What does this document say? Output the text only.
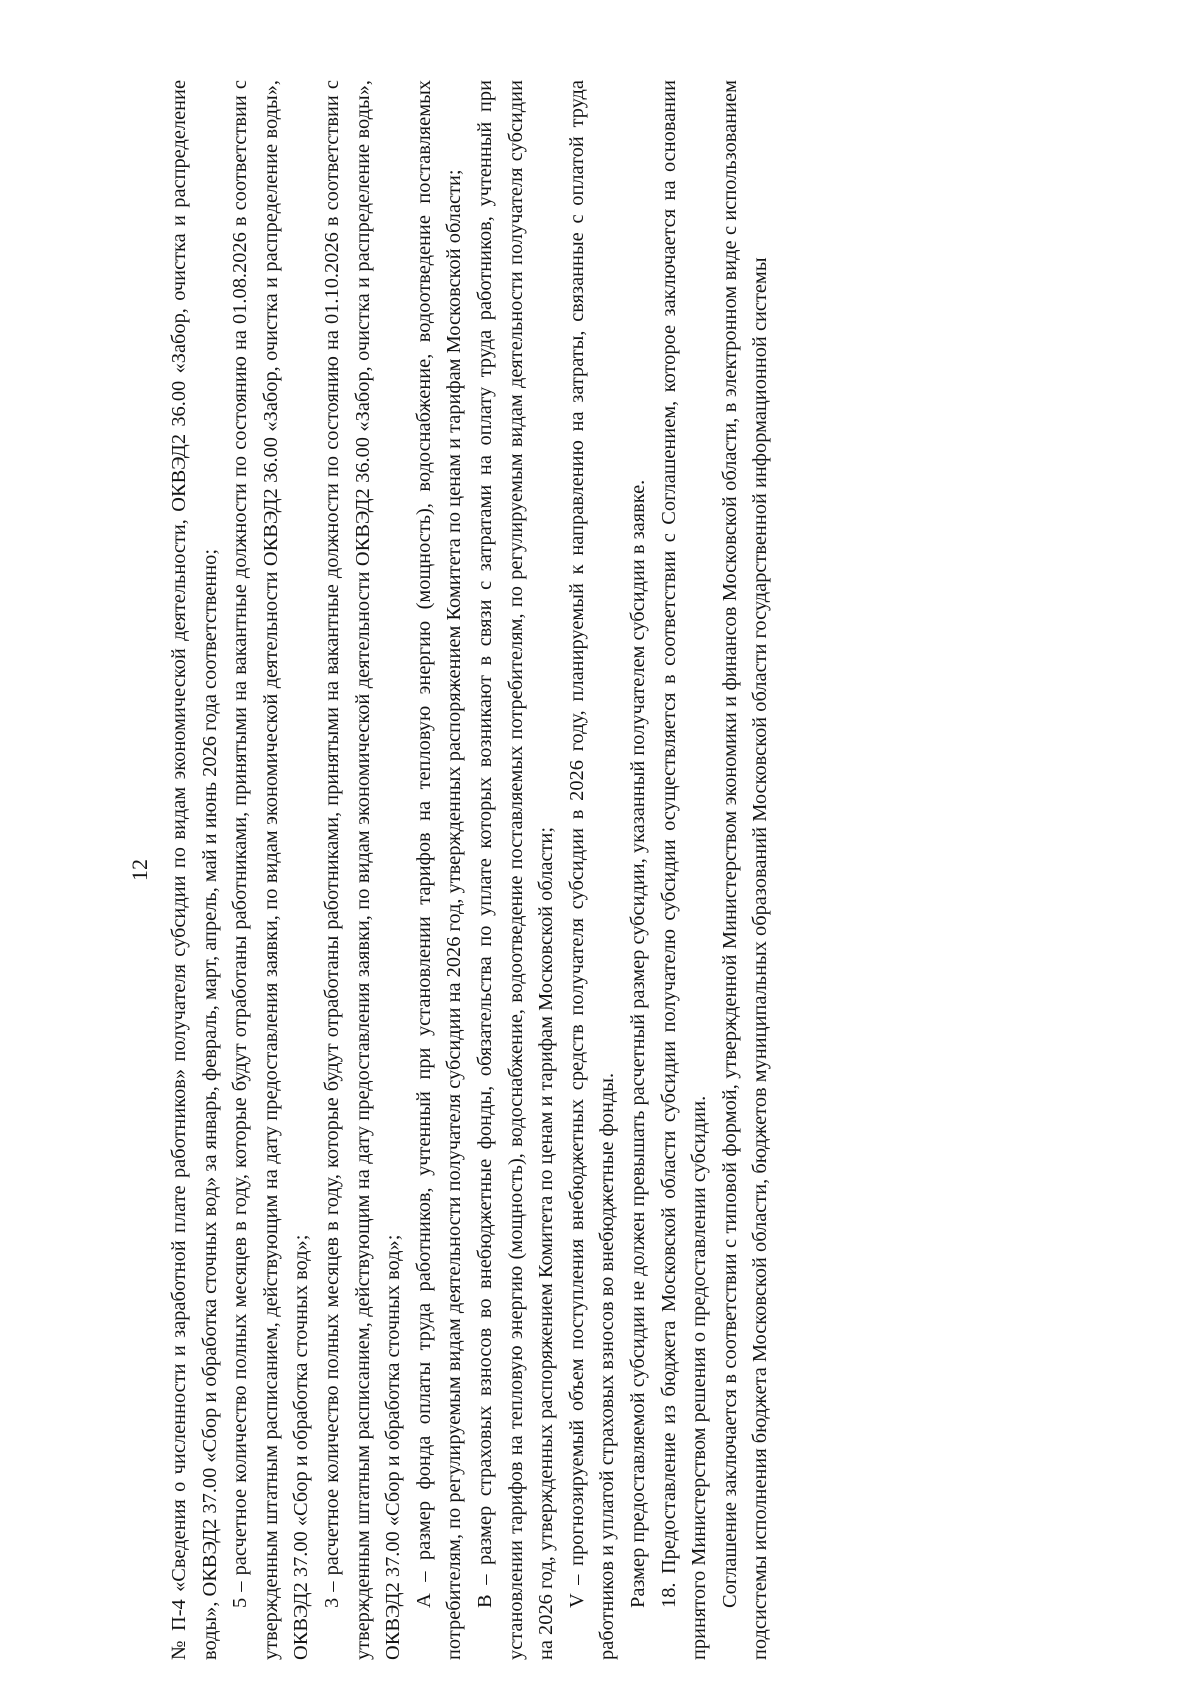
12 № П-4 «Сведения о численности и заработной плате работников» получателя субсидии по видам экономической деятельности, ОКВЭД2 36.00 «Забор, очистка и распределение воды», ОКВЭД2 37.00 «Сбор и обработка сточных вод» за январь, февраль, март, апрель, май и июнь 2026 года соответственно; 5 – расчетное количество полных месяцев в году, которые будут отработаны работниками, принятыми на вакантные должности по состоянию на 01.08.2026 в соответствии с утвержденным штатным расписанием, действующим на дату предоставления заявки, по видам экономической деятельности ОКВЭД2 36.00 «Забор, очистка и распределение воды», ОКВЭД2 37.00 «Сбор и обработка сточных вод»; 3 – расчетное количество полных месяцев в году, которые будут отработаны работниками, принятыми на вакантные должности по состоянию на 01.10.2026 в соответствии с утвержденным штатным расписанием, действующим на дату предоставления заявки, по видам экономической деятельности ОКВЭД2 36.00 «Забор, очистка и распределение воды», ОКВЭД2 37.00 «Сбор и обработка сточных вод»; А – размер фонда оплаты труда работников, учтенный при установлении тарифов на тепловую энергию (мощность), водоснабжение, водоотведение поставляемых потребителям, по регулируемым видам деятельности получателя субсидии на 2026 год, утвержденных распоряжением Комитета по ценам и тарифам Московской области; В – размер страховых взносов во внебюджетные фонды, обязательства по уплате которых возникают в связи с затратами на оплату труда работников, учтенный при установлении тарифов на тепловую энергию (мощность), водоснабжение, водоотведение поставляемых потребителям, по регулируемым видам деятельности получателя субсидии на 2026 год, утвержденных распоряжением Комитета по ценам и тарифам Московской области; V – прогнозируемый объем поступления внебюджетных средств получателя субсидии в 2026 году, планируемый к направлению на затраты, связанные с оплатой труда работников и уплатой страховых взносов во внебюджетные фонды. Размер предоставляемой субсидии не должен превышать расчетный размер субсидии, указанный получателем субсидии в заявке. 18. Предоставление из бюджета Московской области субсидии получателю субсидии осуществляется в соответствии с Соглашением, которое заключается на основании принятого Министерством решения о предоставлении субсидии. Соглашение заключается в соответствии с типовой формой, утвержденной Министерством экономики и финансов Московской области, в электронном виде с использованием подсистемы исполнения бюджета Московской области, бюджетов муниципальных образований Московской области государственной информационной системы
